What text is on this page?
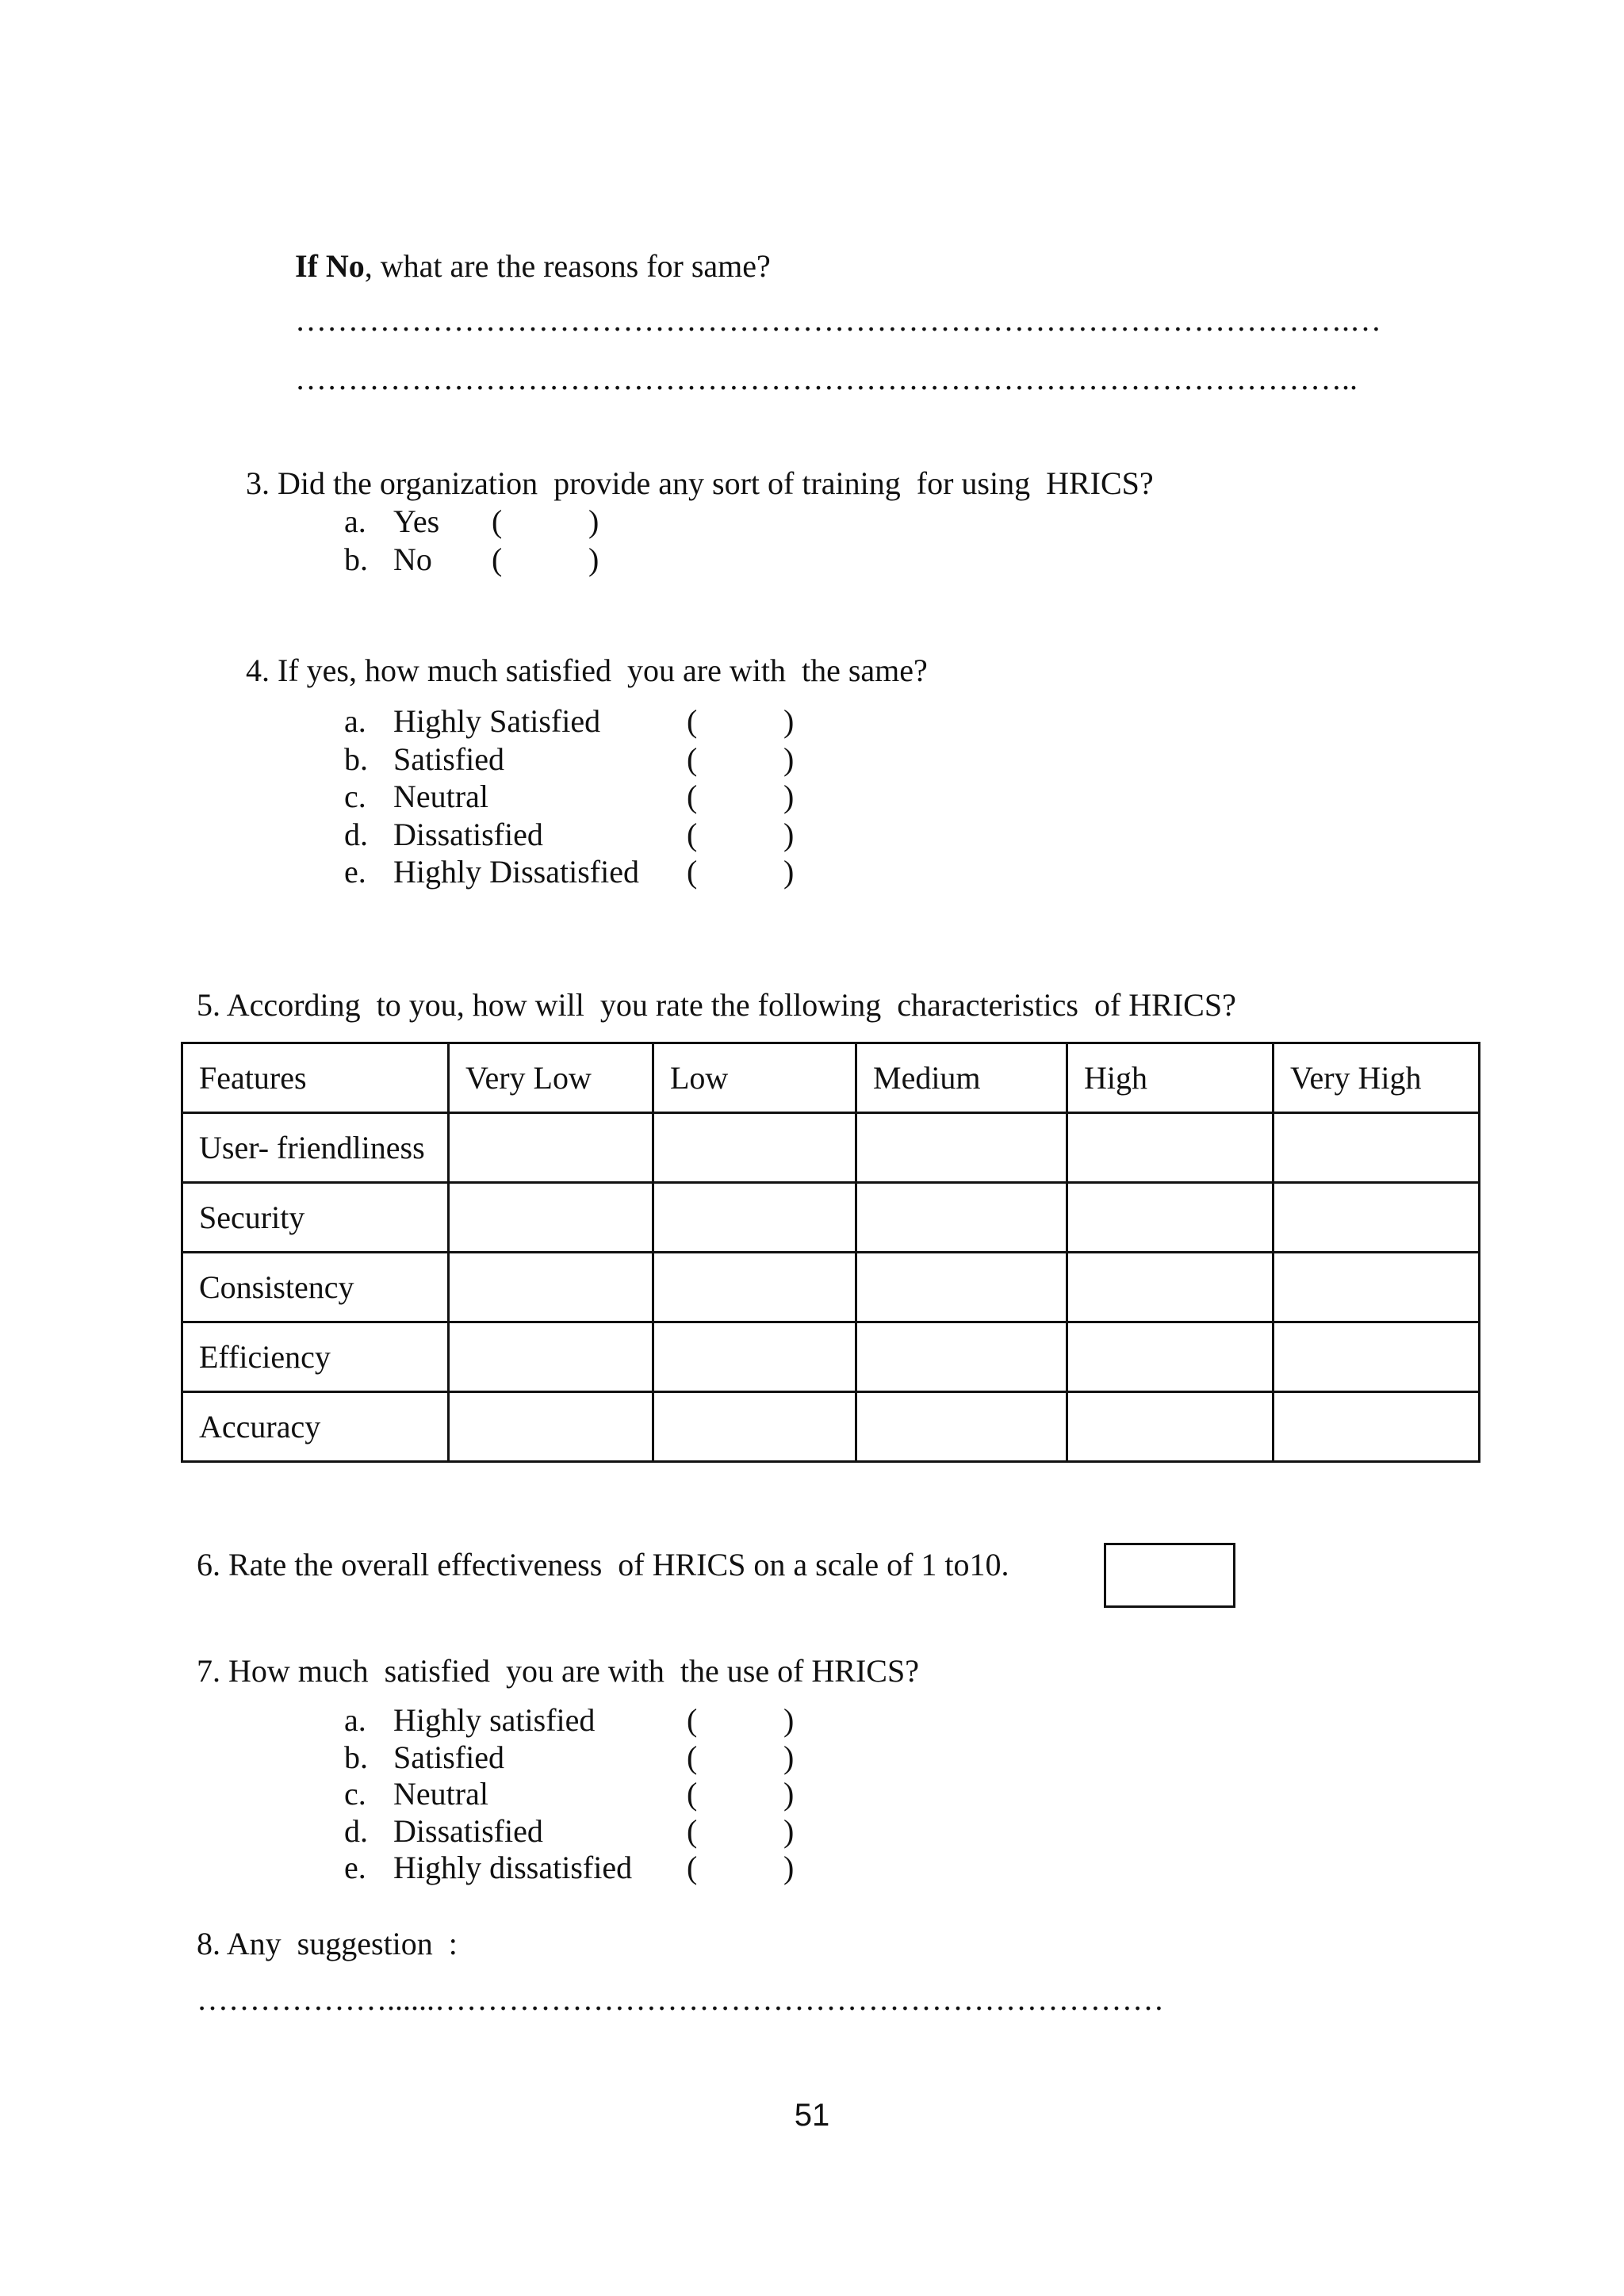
If No, what are the reasons for same?
……………………………………………………………………………………….…
………………………………………………………………………………………..
3. Did the organization  provide any sort of training  for using  HRICS?
a. Yes (	)
b. No (	)
4. If yes, how much satisfied  you are with  the same?
a. Highly Satisfied	(	)
b. Satisfied	(	)
c. Neutral	(	)
d. Dissatisfied	(	)
e. Highly Dissatisfied (	)
5. According  to you, how will  you rate the following  characteristics  of HRICS?
Features	Very Low	Low	Medium	High	Very High
User- friendliness					
Security					
Consistency					
Efficiency					
Accuracy					
6. Rate the overall effectiveness  of HRICS on a scale of 1 to10.
7. How much  satisfied  you are with  the use of HRICS?
a. Highly satisfied	(	)
b. Satisfied	(	)
c. Neutral	(	)
d. Dissatisfied	(	)
e. Highly dissatisfied (	)
8. Any  suggestion  :
………………......……………………………………………………………
51
